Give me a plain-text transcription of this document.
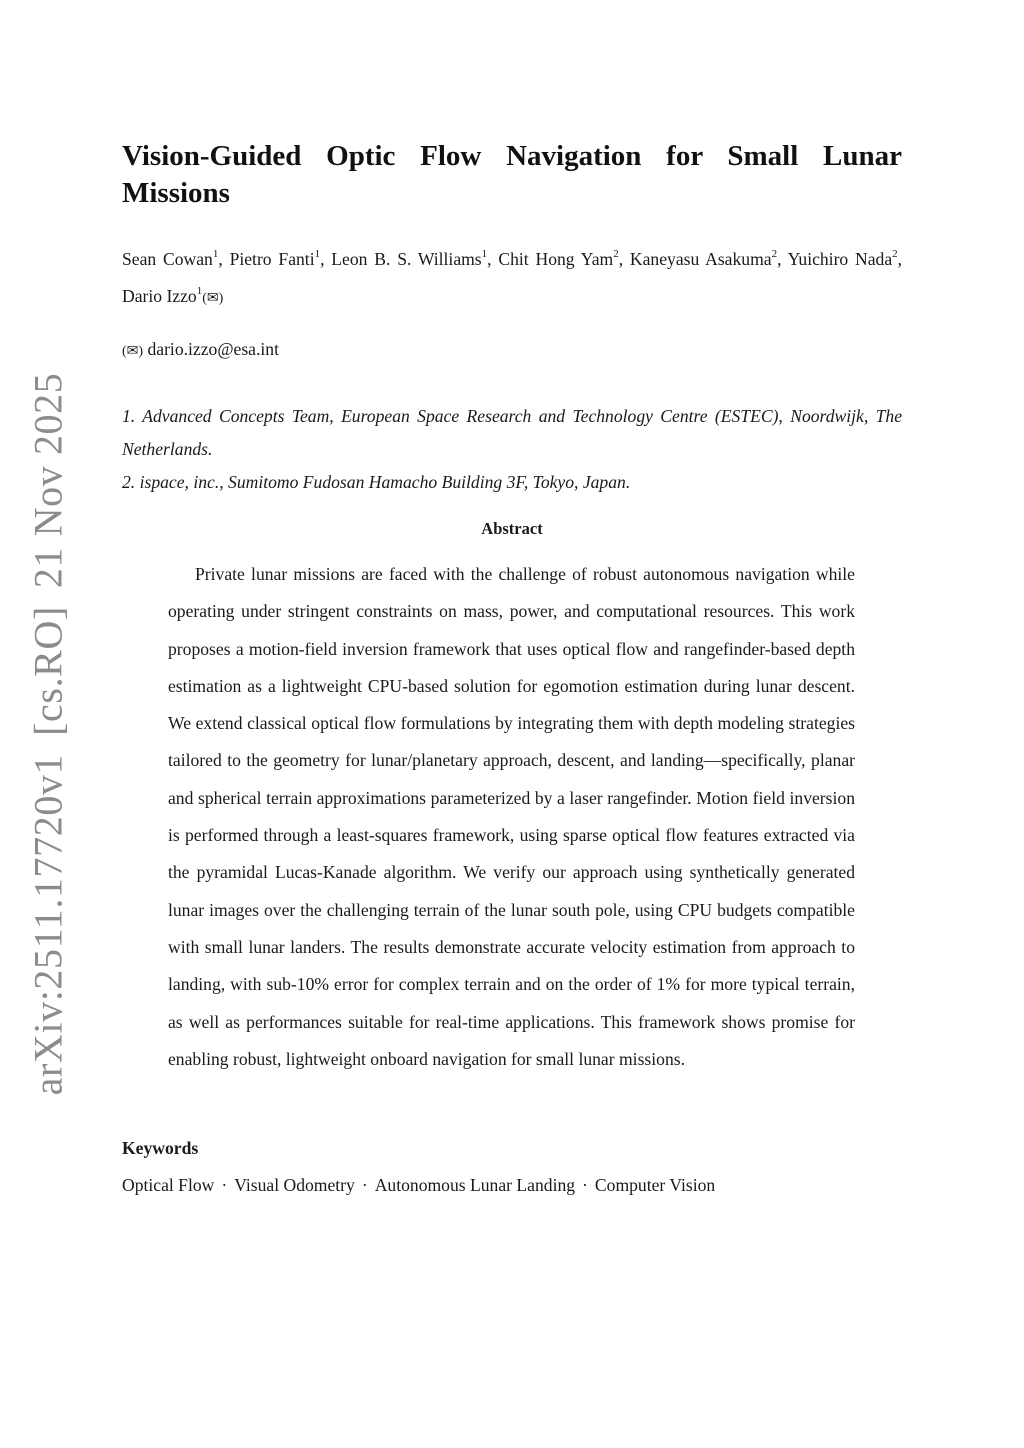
arXiv:2511.17720v1[cs.RO]21 Nov 2025
Vision-Guided Optic Flow Navigation for Small Lunar Missions
Sean Cowan$^1$, Pietro Fanti$^1$, Leon B. S. Williams$^1$, Chit Hong Yam$^2$, Kaneyasu Asakuma$^2$, Yuichiro Nada$^2$, Dario Izzo$^1$(✉)
(✉) dario.izzo@esa.int
1. Advanced Concepts Team, European Space Research and Technology Centre (ESTEC), Noordwijk, The Netherlands.
2. ispace, inc., Sumitomo Fudosan Hamacho Building 3F, Tokyo, Japan.
Abstract

Private lunar missions are faced with the challenge of robust autonomous navigation while operating under stringent constraints on mass, power, and computational resources. This work proposes a motion-field inversion framework that uses optical flow and rangefinder-based depth estimation as a lightweight CPU-based solution for egomotion estimation during lunar descent. We extend classical optical flow formulations by integrating them with depth modeling strategies tailored to the geometry for lunar/planetary approach, descent, and landing—specifically, planar and spherical terrain approximations parameterized by a laser rangefinder. Motion field inversion is performed through a least-squares framework, using sparse optical flow features extracted via the pyramidal Lucas-Kanade algorithm. We verify our approach using synthetically generated lunar images over the challenging terrain of the lunar south pole, using CPU budgets compatible with small lunar landers. The results demonstrate accurate velocity estimation from approach to landing, with sub-10% error for complex terrain and on the order of 1% for more typical terrain, as well as performances suitable for real-time applications. This framework shows promise for enabling robust, lightweight onboard navigation for small lunar missions.

Keywords
Optical Flow · Visual Odometry · Autonomous Lunar Landing · Computer Vision
